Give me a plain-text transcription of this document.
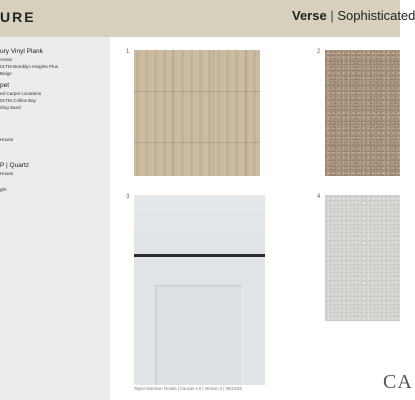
URE	Verse | Sophisticated
ury Vinyl Plank
Areas
01TM Brooklyn Heights Plus
Beige
pet
ed Carpet Locations
01TM Collins Bay
rling Sand
House
P | Quartz
House
ght
1	2
3	4
Taylor Morrison Florida | Canvas 4.0 | Version 2 | 06/24/25	CA
